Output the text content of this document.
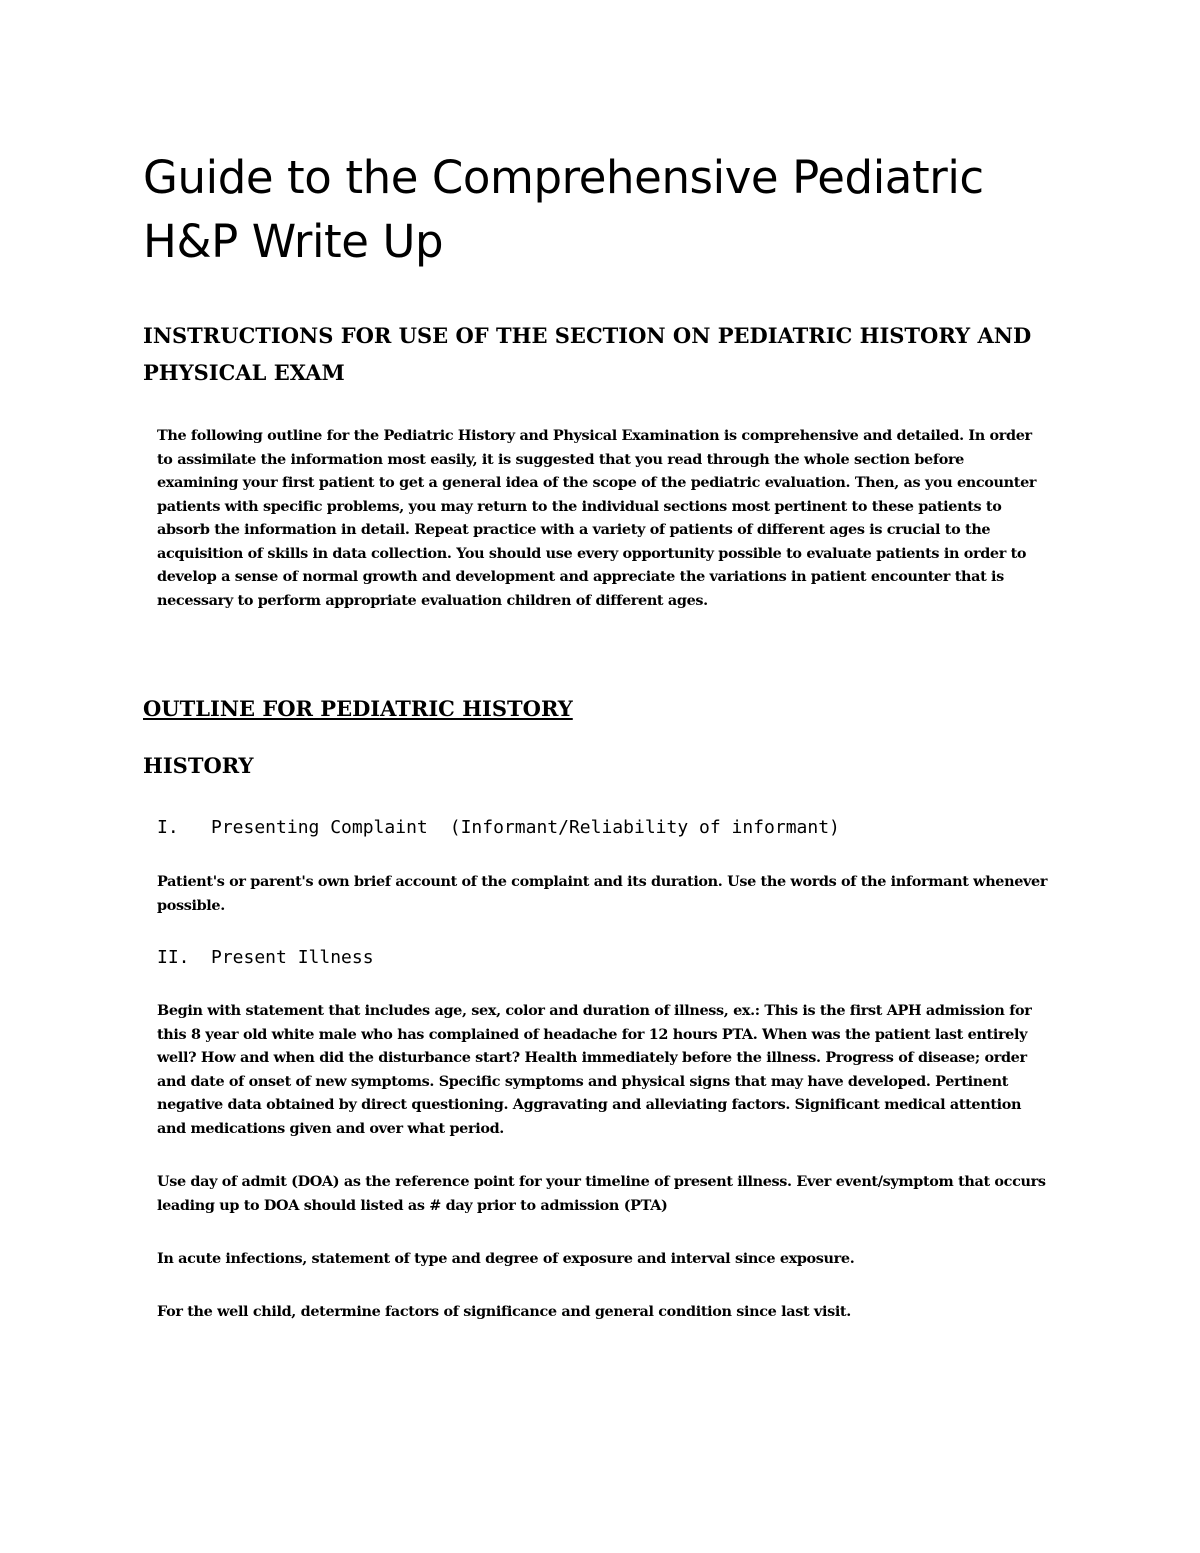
Guide to the Comprehensive Pediatric H&P Write Up
INSTRUCTIONS FOR USE OF THE SECTION ON PEDIATRIC HISTORY AND PHYSICAL EXAM

The following outline for the Pediatric History and Physical Examination is comprehensive and detailed. In order to assimilate the information most easily, it is suggested that you read through the whole section before examining your first patient to get a general idea of the scope of the pediatric evaluation. Then, as you encounter patients with specific problems, you may return to the individual sections most pertinent to these patients to absorb the information in detail. Repeat practice with a variety of patients of different ages is crucial to the acquisition of skills in data collection. You should use every opportunity possible to evaluate patients in order to develop a sense of normal growth and development and appreciate the variations in patient encounter that is necessary to perform appropriate evaluation children of different ages.

OUTLINE FOR PEDIATRIC HISTORY
HISTORY
I. Presenting Complaint (Informant/Reliability of informant)

Patient's or parent's own brief account of the complaint and its duration. Use the words of the informant whenever possible.

II. Present Illness

Begin with statement that includes age, sex, color and duration of illness, ex.: This is the first APH admission for this 8 year old white male who has complained of headache for 12 hours PTA. When was the patient last entirely well? How and when did the disturbance start? Health immediately before the illness. Progress of disease; order and date of onset of new symptoms. Specific symptoms and physical signs that may have developed. Pertinent negative data obtained by direct questioning. Aggravating and alleviating factors. Significant medical attention and medications given and over what period.

Use day of admit (DOA) as the reference point for your timeline of present illness. Ever event/symptom that occurs leading up to DOA should listed as # day prior to admission (PTA)

In acute infections, statement of type and degree of exposure and interval since exposure.

For the well child, determine factors of significance and general condition since last visit.
